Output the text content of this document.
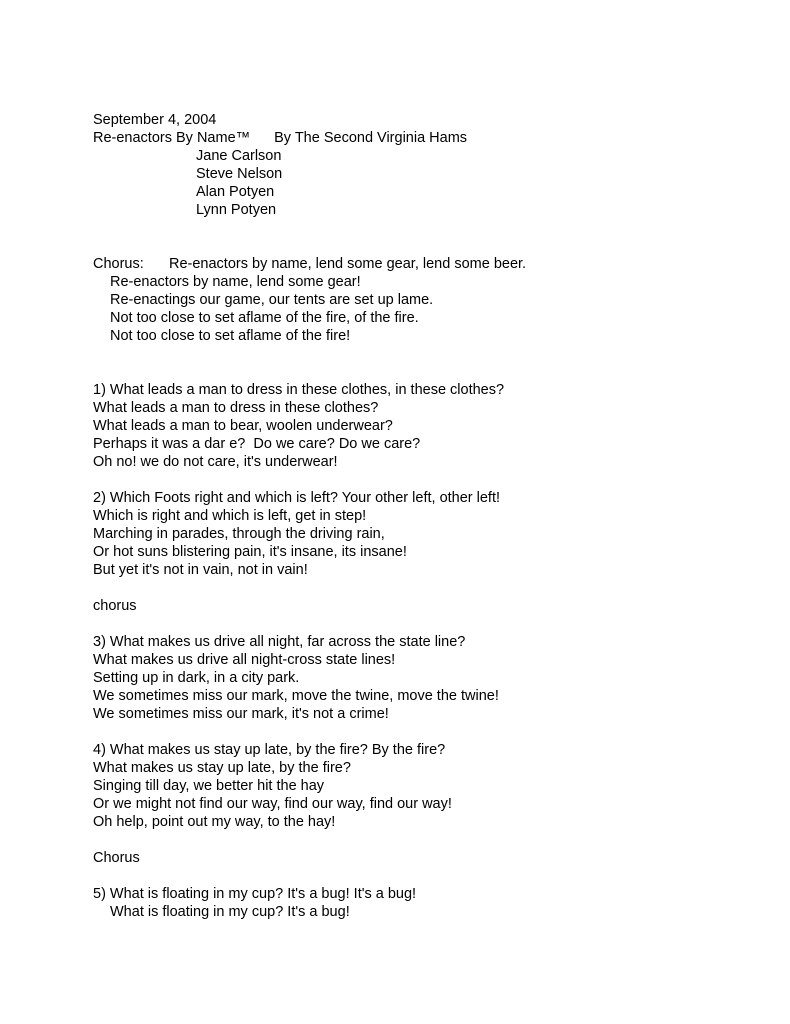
September 4, 2004
Re-enactors By Name™ By The Second Virginia Hams
Jane Carlson
Steve Nelson
Alan Potyen
Lynn Potyen
Chorus: Re-enactors by name, lend some gear, lend some beer.
Re-enactors by name, lend some gear!
Re-enactings our game, our tents are set up lame.
Not too close to set aflame of the fire, of the fire.
Not too close to set aflame of the fire!
1) What leads a man to dress in these clothes, in these clothes?
What leads a man to dress in these clothes?
What leads a man to bear, woolen underwear?
Perhaps it was a dar e?  Do we care? Do we care?
Oh no! we do not care, it's underwear!
2) Which Foots right and which is left? Your other left, other left!
Which is right and which is left, get in step!
Marching in parades, through the driving rain,
Or hot suns blistering pain, it's insane, its insane!
But yet it's not in vain, not in vain!
chorus
3) What makes us drive all night, far across the state line?
What makes us drive all night-cross state lines!
Setting up in dark, in a city park.
We sometimes miss our mark, move the twine, move the twine!
We sometimes miss our mark, it's not a crime!
4) What makes us stay up late, by the fire? By the fire?
What makes us stay up late, by the fire?
Singing till day, we better hit the hay
Or we might not find our way, find our way, find our way!
Oh help, point out my way, to the hay!
Chorus
5) What is floating in my cup? It's a bug! It's a bug!
What is floating in my cup? It's a bug!
